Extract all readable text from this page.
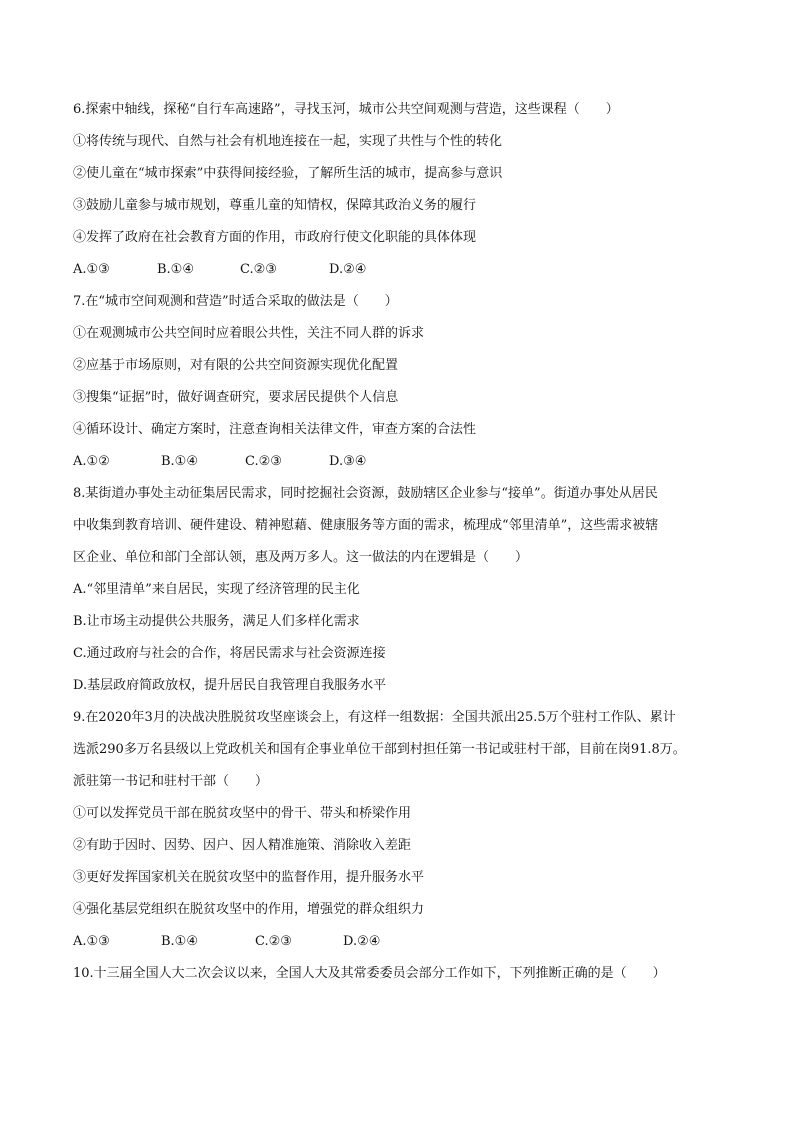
6.探索中轴线，探秘“自行车高速路”，寻找玉河，城市公共空间观测与营造，这些课程（　　）
①将传统与现代、自然与社会有机地连接在一起，实现了共性与个性的转化
②使儿童在“城市探索”中获得间接经验，了解所生活的城市，提高参与意识
③鼓励儿童参与城市规划，尊重儿童的知情权，保障其政治义务的履行
④发挥了政府在社会教育方面的作用，市政府行使文化职能的具体体现
A.①③	B.①④	C.②③	D.②④
7.在“城市空间观测和营造”时适合采取的做法是（　　）
①在观测城市公共空间时应着眼公共性，关注不同人群的诉求
②应基于市场原则，对有限的公共空间资源实现优化配置
③搜集“证据”时，做好调查研究，要求居民提供个人信息
④循环设计、确定方案时，注意查询相关法律文件，审查方案的合法性
A.①②	B.①④	C.②③	D.③④
8.某街道办事处主动征集居民需求，同时挖掘社会资源，鼓励辖区企业参与“接单”。街道办事处从居民
中收集到教育培训、硬件建设、精神慰藉、健康服务等方面的需求，梳理成“邻里清单”，这些需求被辖
区企业、单位和部门全部认领，惠及两万多人。这一做法的内在逻辑是（　　）
A.“邻里清单”来自居民，实现了经济管理的民主化
B.让市场主动提供公共服务，满足人们多样化需求
C.通过政府与社会的合作，将居民需求与社会资源连接
D.基层政府简政放权，提升居民自我管理自我服务水平
9.在2020年3月的决战决胜脱贫攻坚座谈会上，有这样一组数据：全国共派出25.5万个驻村工作队、累计
选派290多万名县级以上党政机关和国有企事业单位干部到村担任第一书记或驻村干部，目前在岗91.8万。
派驻第一书记和驻村干部（　　）
①可以发挥党员干部在脱贫攻坚中的骨干、带头和桥梁作用
②有助于因时、因势、因户、因人精准施策、消除收入差距
③更好发挥国家机关在脱贫攻坚中的监督作用，提升服务水平
④强化基层党组织在脱贫攻坚中的作用，增强党的群众组织力
A.①③	B.①④	C.②③	D.②④
10.十三届全国人大二次会议以来，全国人大及其常委委员会部分工作如下，下列推断正确的是（　　）
